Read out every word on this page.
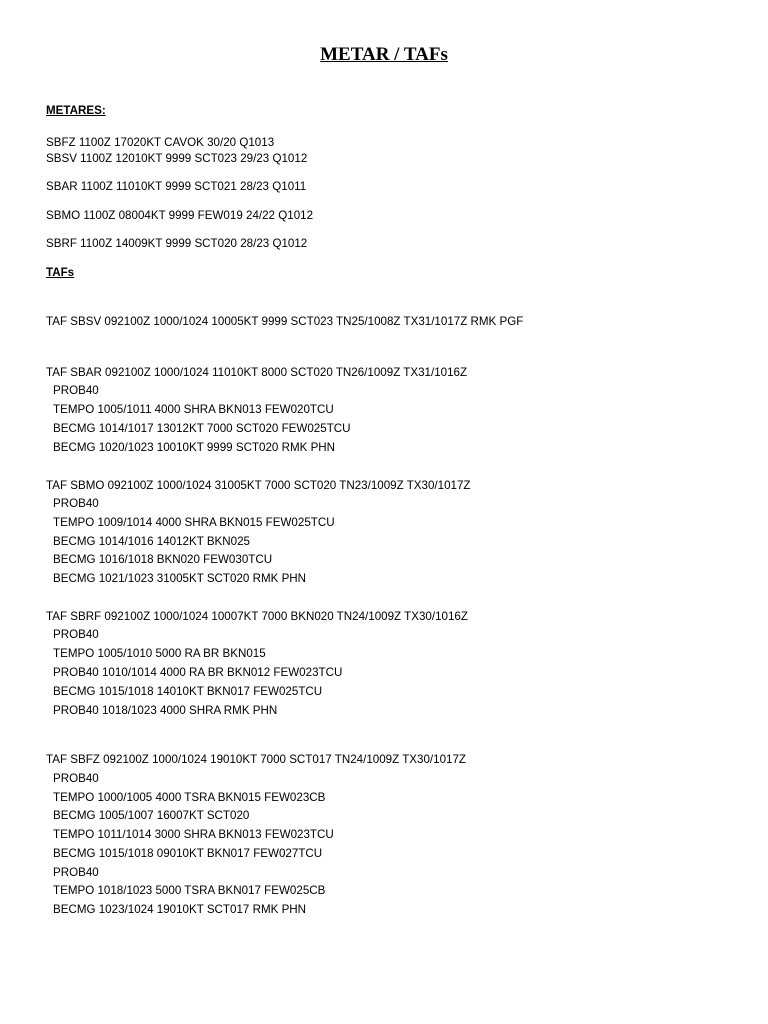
METAR / TAFs
METARES:
SBFZ 1100Z 17020KT CAVOK 30/20 Q1013
SBSV 1100Z 12010KT 9999 SCT023 29/23 Q1012
SBAR 1100Z 11010KT 9999 SCT021 28/23 Q1011
SBMO 1100Z 08004KT 9999 FEW019 24/22 Q1012
SBRF 1100Z 14009KT 9999 SCT020 28/23 Q1012
TAFs
TAF SBSV 092100Z 1000/1024 10005KT 9999 SCT023 TN25/1008Z TX31/1017Z RMK PGF
TAF SBAR 092100Z 1000/1024 11010KT 8000 SCT020 TN26/1009Z TX31/1016Z
PROB40
TEMPO 1005/1011 4000 SHRA BKN013 FEW020TCU
BECMG 1014/1017 13012KT 7000 SCT020 FEW025TCU
BECMG 1020/1023 10010KT 9999 SCT020 RMK PHN
TAF SBMO 092100Z 1000/1024 31005KT 7000 SCT020 TN23/1009Z TX30/1017Z
PROB40
TEMPO 1009/1014 4000 SHRA BKN015 FEW025TCU
BECMG 1014/1016 14012KT BKN025
BECMG 1016/1018 BKN020 FEW030TCU
BECMG 1021/1023 31005KT SCT020 RMK PHN
TAF SBRF 092100Z 1000/1024 10007KT 7000 BKN020 TN24/1009Z TX30/1016Z
PROB40
TEMPO 1005/1010 5000 RA BR BKN015
PROB40 1010/1014 4000 RA BR BKN012 FEW023TCU
BECMG 1015/1018 14010KT BKN017 FEW025TCU
PROB40 1018/1023 4000 SHRA RMK PHN
TAF SBFZ 092100Z 1000/1024 19010KT 7000 SCT017 TN24/1009Z TX30/1017Z
PROB40
TEMPO 1000/1005 4000 TSRA BKN015 FEW023CB
BECMG 1005/1007 16007KT SCT020
TEMPO 1011/1014 3000 SHRA BKN013 FEW023TCU
BECMG 1015/1018 09010KT BKN017 FEW027TCU
PROB40
TEMPO 1018/1023 5000 TSRA BKN017 FEW025CB
BECMG 1023/1024 19010KT SCT017 RMK PHN
